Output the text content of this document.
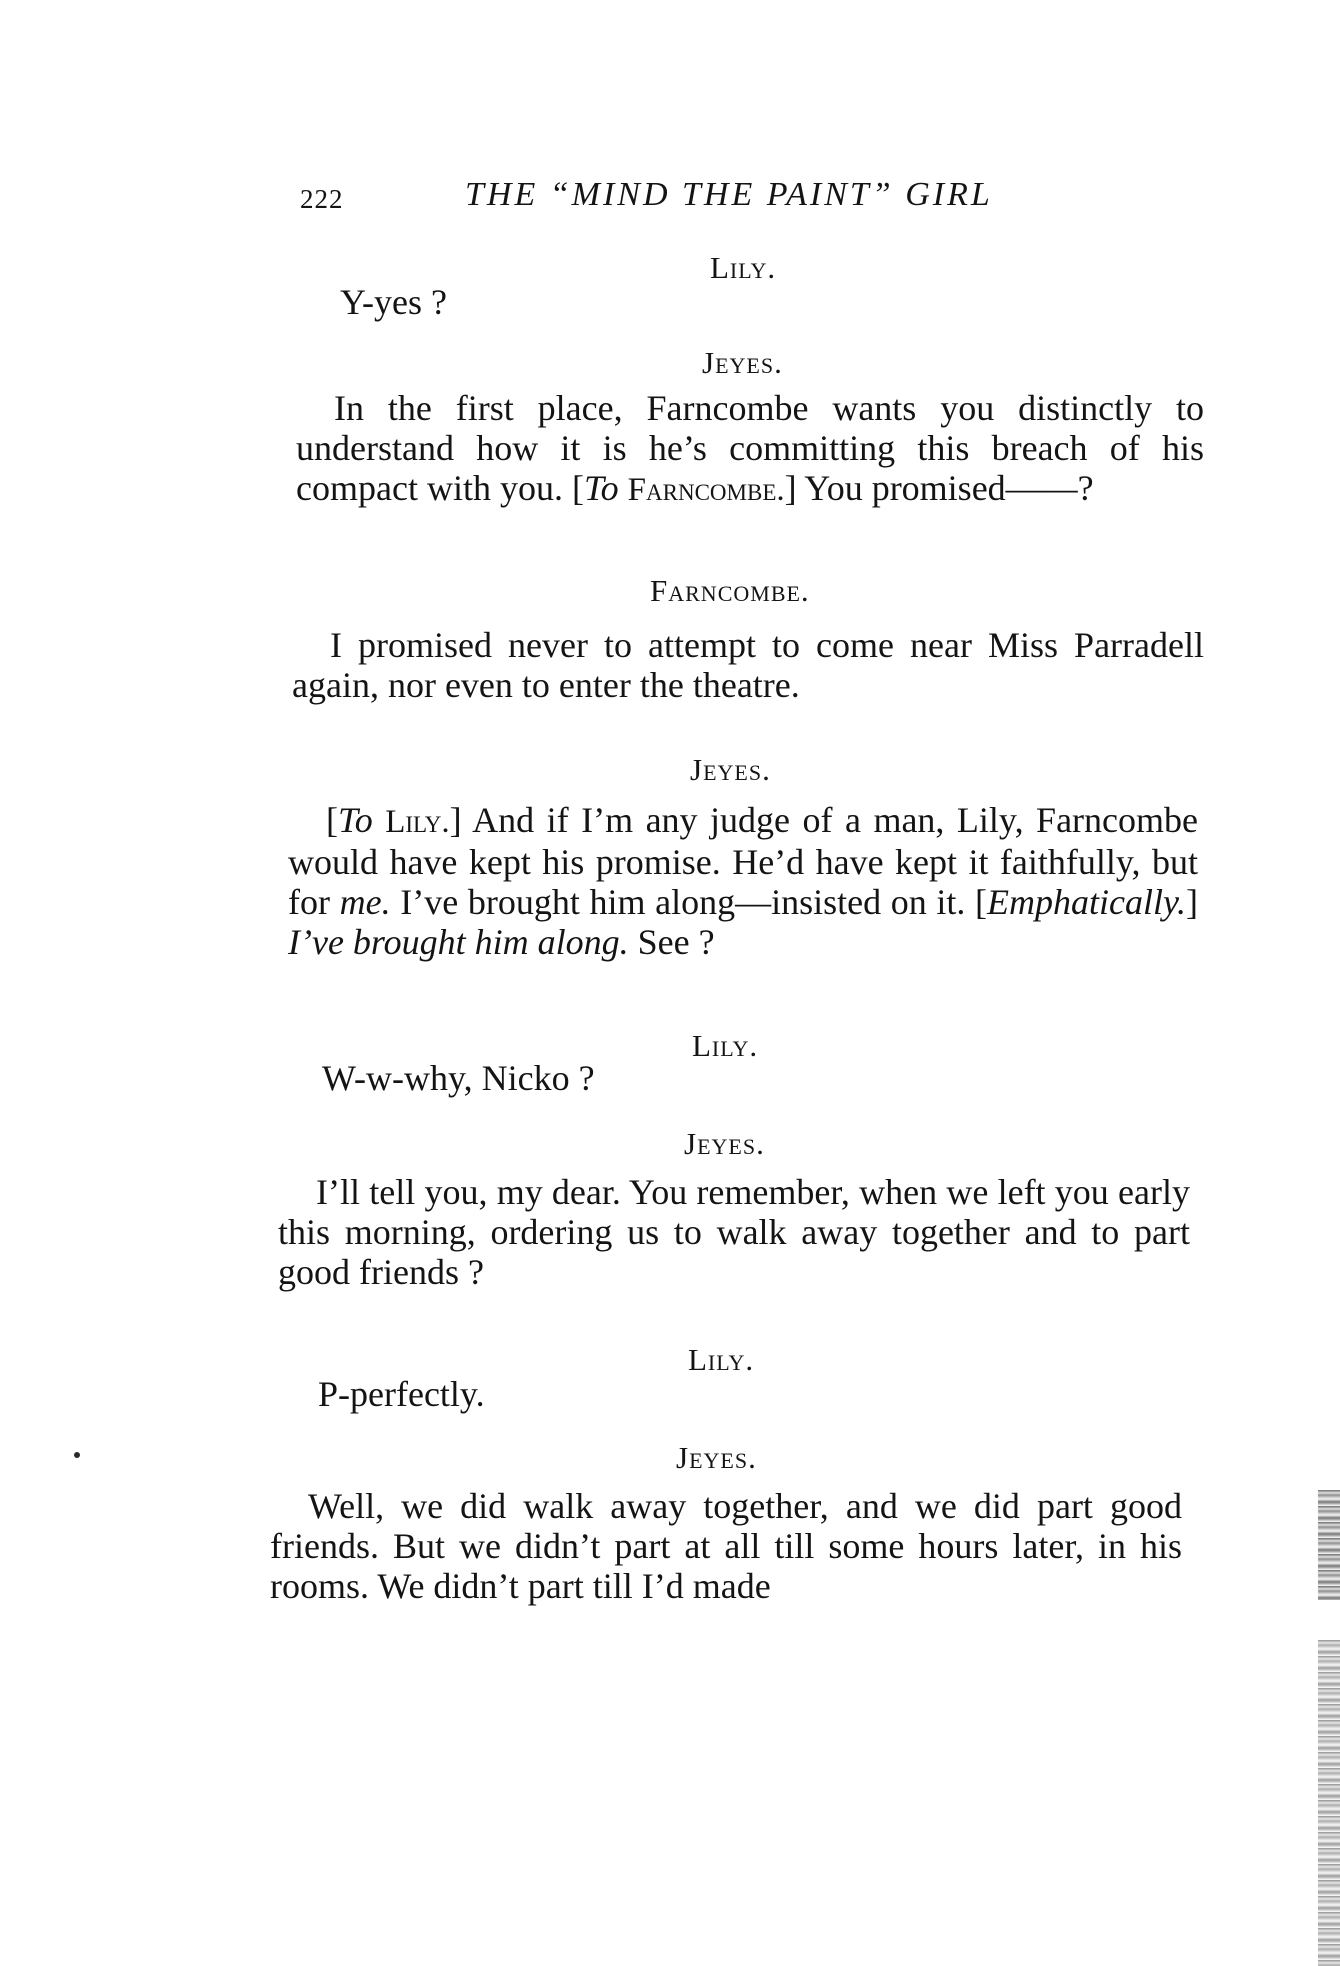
222	THE “MIND THE PAINT” GIRL
Lily.
Y-yes ?
Jeyes.
In the first place, Farncombe wants you distinctly to understand how it is he’s committing this breach of his compact with you. [To Farncombe.] You promised——?
Farncombe.
I promised never to attempt to come near Miss Parradell again, nor even to enter the theatre.
Jeyes.
[To Lily.] And if I’m any judge of a man, Lily, Farncombe would have kept his promise. He’d have kept it faithfully, but for me. I’ve brought him along—insisted on it. [Emphatically.] I’ve brought him along. See ?
Lily.
W-w-why, Nicko ?
Jeyes.
I’ll tell you, my dear. You remember, when we left you early this morning, ordering us to walk away together and to part good friends ?
Lily.
P-perfectly.
Jeyes.
Well, we did walk away together, and we did part good friends. But we didn’t part at all till some hours later, in his rooms. We didn’t part till I’d made
